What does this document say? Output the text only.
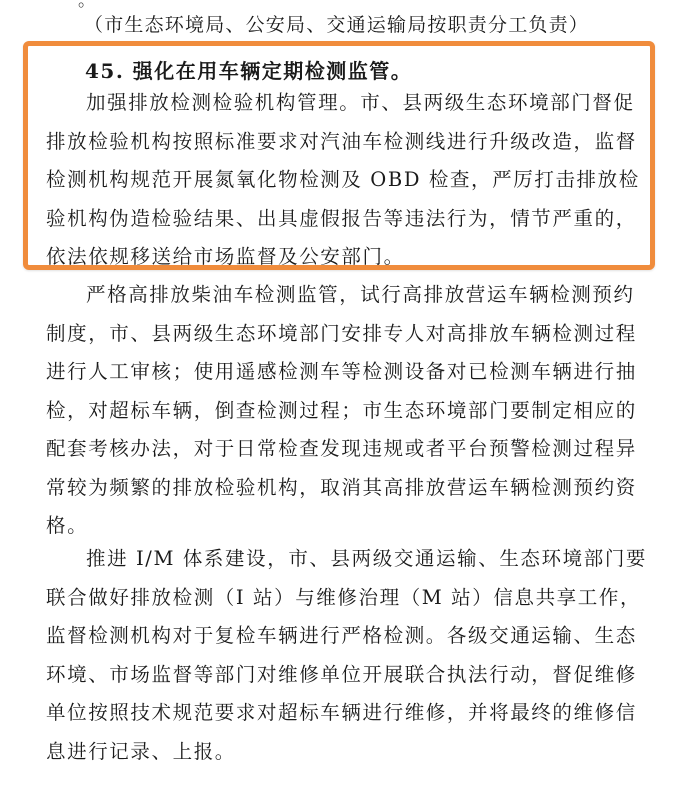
。
（市生态环境局、公安局、交通运输局按职责分工负责）
45. 强化在用车辆定期检测监管。
加强排放检测检验机构管理。市、县两级生态环境部门督促
排放检验机构按照标准要求对汽油车检测线进行升级改造，监督
检测机构规范开展氮氧化物检测及 OBD 检查，严厉打击排放检
验机构伪造检验结果、出具虚假报告等违法行为，情节严重的，
依法依规移送给市场监督及公安部门。
严格高排放柴油车检测监管，试行高排放营运车辆检测预约
制度，市、县两级生态环境部门安排专人对高排放车辆检测过程
进行人工审核；使用遥感检测车等检测设备对已检测车辆进行抽
检，对超标车辆，倒查检测过程；市生态环境部门要制定相应的
配套考核办法，对于日常检查发现违规或者平台预警检测过程异
常较为频繁的排放检验机构，取消其高排放营运车辆检测预约资
格。
推进 I/M 体系建设，市、县两级交通运输、生态环境部门要
联合做好排放检测（I 站）与维修治理（M 站）信息共享工作，
监督检测机构对于复检车辆进行严格检测。各级交通运输、生态
环境、市场监督等部门对维修单位开展联合执法行动，督促维修
单位按照技术规范要求对超标车辆进行维修，并将最终的维修信
息进行记录、上报。
